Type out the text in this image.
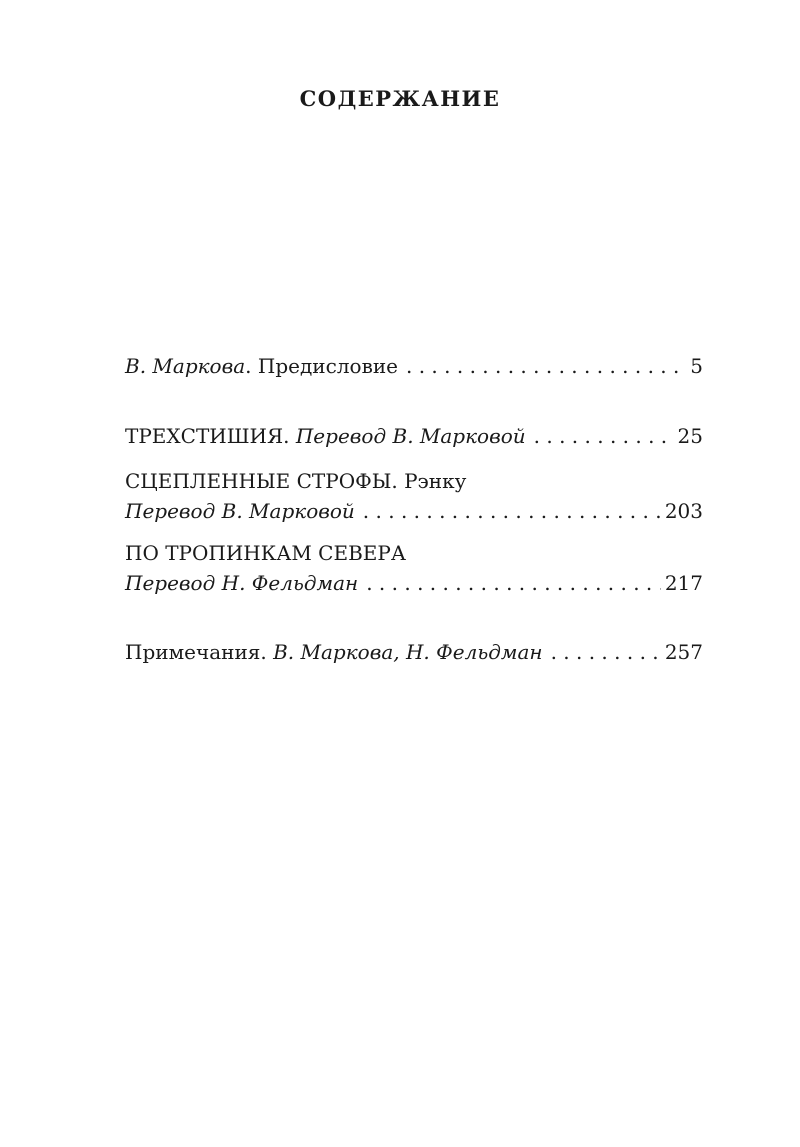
СОДЕРЖАНИЕ
В. Маркова. Предисловие . . .	5
ТРЕХСТИШИЯ. Перевод В. Марковой . . .	25
СЦЕПЛЕННЫЕ СТРОФЫ. Рэнку
Перевод В. Марковой . . .	203
ПО ТРОПИНКАМ СЕВЕРА
Перевод Н. Фельдман . . .	217
Примечания. В. Маркова, Н. Фельдман . . .	257
